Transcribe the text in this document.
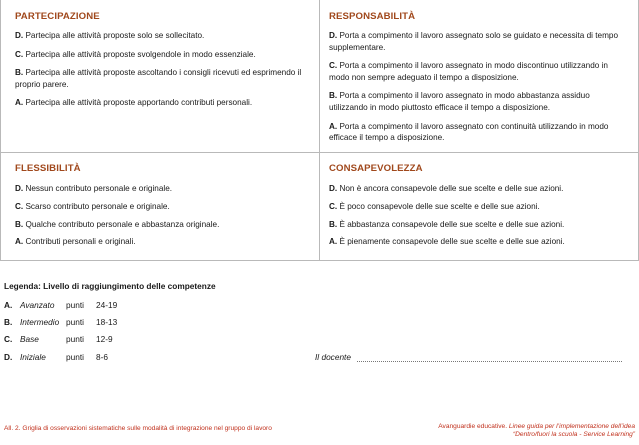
PARTECIPAZIONE
D. Partecipa alle attività proposte solo se sollecitato.
C. Partecipa alle attività proposte svolgendole in modo essenziale.
B. Partecipa alle attività proposte ascoltando i consigli ricevuti ed esprimendo il proprio parere.
A. Partecipa alle attività proposte apportando contributi personali.
RESPONSABILITÀ
D. Porta a compimento il lavoro assegnato solo se guidato e necessita di tempo supplementare.
C. Porta a compimento il lavoro assegnato in modo discontinuo utilizzando in modo non sempre adeguato il tempo a disposizione.
B. Porta a compimento il lavoro assegnato in modo abbastanza assiduo utilizzando in modo piuttosto efficace il tempo a disposizione.
A. Porta a compimento il lavoro assegnato con continuità utilizzando in modo efficace il tempo a disposizione.
FLESSIBILITÀ
D. Nessun contributo personale e originale.
C. Scarso contributo personale e originale.
B. Qualche contributo personale e abbastanza originale.
A. Contributi personali e originali.
CONSAPEVOLEZZA
D. Non è ancora consapevole delle sue scelte e delle sue azioni.
C. È poco consapevole delle sue scelte e delle sue azioni.
B. È abbastanza consapevole delle sue scelte e delle sue azioni.
A. È pienamente consapevole delle sue scelte e delle sue azioni.
Legenda: Livello di raggiungimento delle competenze
A. Avanzato	punti	24-19
B. Intermedio punti	18-13
C. Base	punti	12-9
D. Iniziale	punti	8-6	Il docente
All. 2. Griglia di osservazioni sistematiche sulle modalità di integrazione nel gruppo di lavoro	Avanguardie educative. Linee guida per l’implementazione dell’idea
“Dentro/fuori la scuola - Service Learning”
